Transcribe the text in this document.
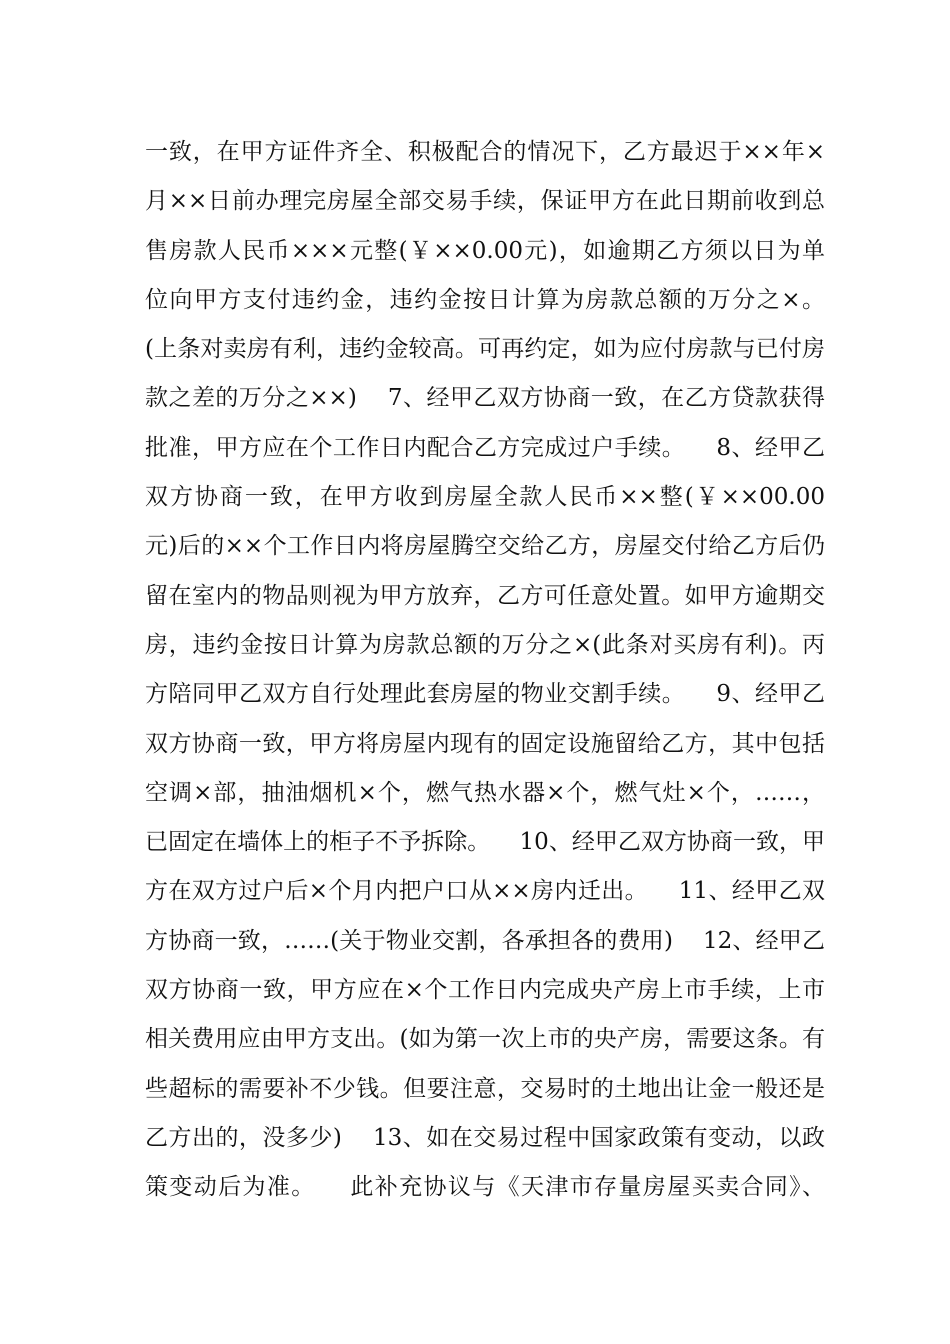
一致，在甲方证件齐全、积极配合的情况下，乙方最迟于××年×
月××日前办理完房屋全部交易手续，保证甲方在此日期前收到总
售房款人民币×××元整(￥××0.00元)，如逾期乙方须以日为单
位向甲方支付违约金，违约金按日计算为房款总额的万分之×。
(上条对卖房有利，违约金较高。可再约定，如为应付房款与已付房
款之差的万分之××)    7、经甲乙双方协商一致，在乙方贷款获得
批准，甲方应在个工作日内配合乙方完成过户手续。    8、经甲乙
双方协商一致，在甲方收到房屋全款人民币××整(￥××00.00
元)后的××个工作日内将房屋腾空交给乙方，房屋交付给乙方后仍
留在室内的物品则视为甲方放弃，乙方可任意处置。如甲方逾期交
房，违约金按日计算为房款总额的万分之×(此条对买房有利)。丙
方陪同甲乙双方自行处理此套房屋的物业交割手续。    9、经甲乙
双方协商一致，甲方将房屋内现有的固定设施留给乙方，其中包括
空调×部，抽油烟机×个，燃气热水器×个，燃气灶×个，……，
已固定在墙体上的柜子不予拆除。    10、经甲乙双方协商一致，甲
方在双方过户后×个月内把户口从××房内迁出。    11、经甲乙双
方协商一致，……(关于物业交割，各承担各的费用)    12、经甲乙
双方协商一致，甲方应在×个工作日内完成央产房上市手续，上市
相关费用应由甲方支出。(如为第一次上市的央产房，需要这条。有
些超标的需要补不少钱。但要注意，交易时的土地出让金一般还是
乙方出的，没多少)    13、如在交易过程中国家政策有变动，以政
策变动后为准。    此补充协议与《天津市存量房屋买卖合同》、
